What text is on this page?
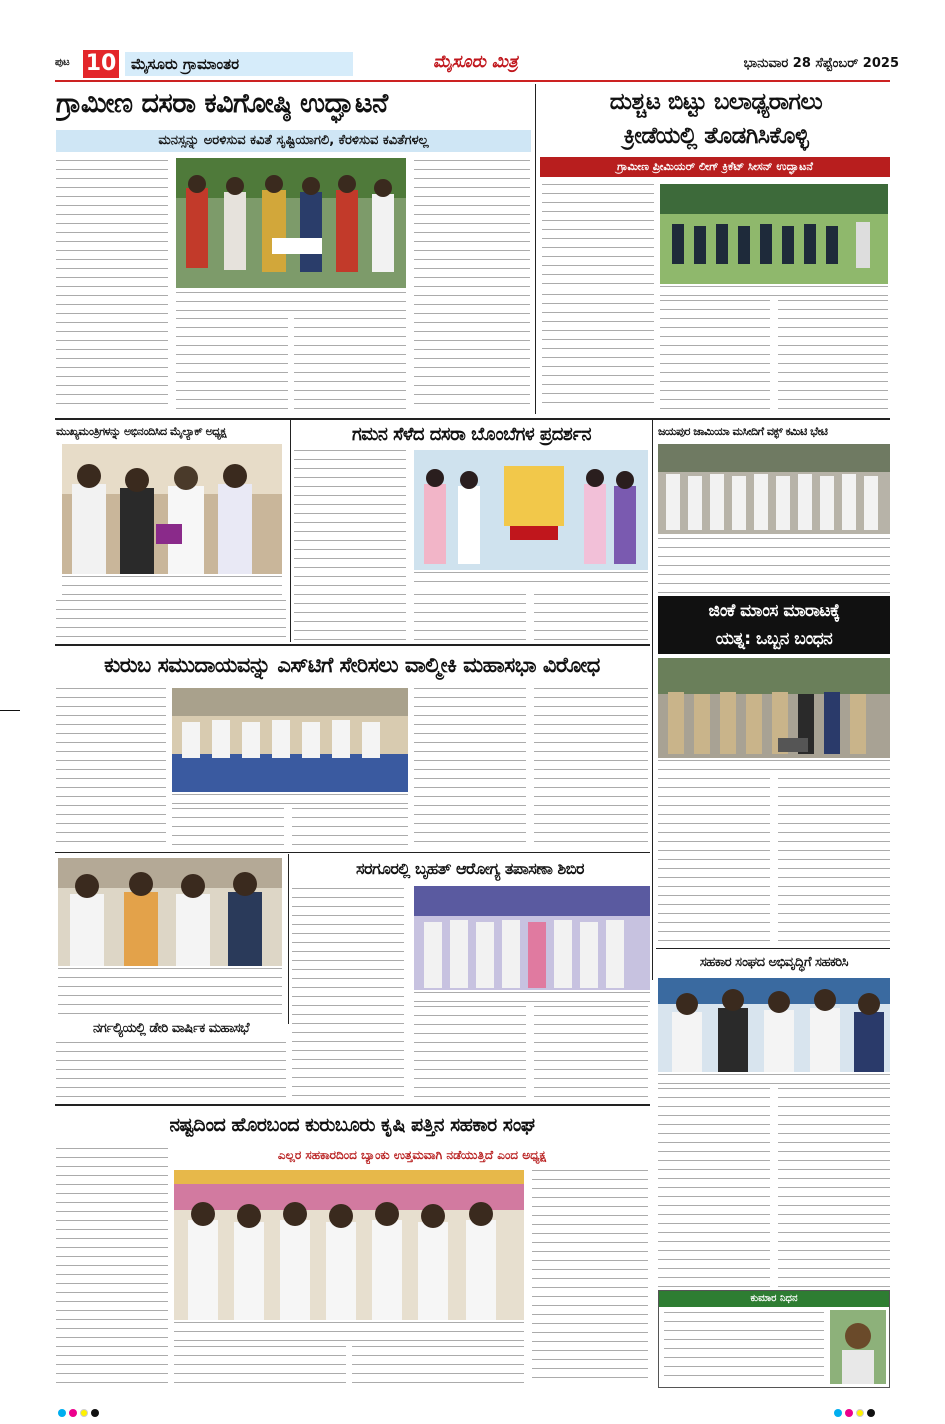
ಪುಟ 10 ಮೈಸೂರು ಗ್ರಾಮಾಂತರ	ಮೈಸೂರು ಮಿತ್ರ	ಭಾನುವಾರ 28 ಸೆಪ್ಟೆಂಬರ್ 2025
ಗ್ರಾಮೀಣ ದಸರಾ ಕವಿಗೋಷ್ಠಿ ಉದ್ಘಾಟನೆ
ಮನಸ್ಸನ್ನು ಅರಳಿಸುವ ಕವಿತೆ ಸೃಷ್ಟಿಯಾಗಲಿ, ಕೆರಳಿಸುವ ಕವಿತೆಗಳಲ್ಲ
ದುಶ್ಚಟ ಬಿಟ್ಟು ಬಲಾಢ್ಯರಾಗಲು
ಕ್ರೀಡೆಯಲ್ಲಿ ತೊಡಗಿಸಿಕೊಳ್ಳಿ
ಗ್ರಾಮೀಣ ಪ್ರೀಮಿಯರ್ ಲೀಗ್ ಕ್ರಿಕೆಟ್ ಸೀಸನ್ ಉದ್ಘಾಟನೆ
ಮುಖ್ಯಮಂತ್ರಿಗಳನ್ನು ಅಭಿನಂದಿಸಿದ ಮೈಲ್ಯಾಕ್ ಅಧ್ಯಕ್ಷ	ಗಮನ ಸೆಳೆದ ದಸರಾ ಬೊಂಬೆಗಳ ಪ್ರದರ್ಶನ	ಜಯಪುರ ಜಾಮಿಯಾ ಮಸೀದಿಗೆ ವಕ್ಫ್ ಕಮಿಟಿ ಭೇಟಿ
ಜಿಂಕೆ ಮಾಂಸ ಮಾರಾಟಕ್ಕೆ
ಯತ್ನ: ಒಬ್ಬನ ಬಂಧನ
ಕುರುಬ ಸಮುದಾಯವನ್ನು ಎಸ್‌ಟಿಗೆ ಸೇರಿಸಲು ವಾಲ್ಮೀಕಿ ಮಹಾಸಭಾ ವಿರೋಧ
ಸರಗೂರಲ್ಲಿ ಬೃಹತ್ ಆರೋಗ್ಯ ತಪಾಸಣಾ ಶಿಬಿರ
ನರ್ಗಲ್ಯಿಯಲ್ಲಿ ಡೇರಿ ವಾರ್ಷಿಕ ಮಹಾಸಭೆ
ಸಹಕಾರ ಸಂಘದ ಅಭಿವೃದ್ಧಿಗೆ ಸಹಕರಿಸಿ
ನಷ್ಟದಿಂದ ಹೊರಬಂದ ಕುರುಬೂರು ಕೃಷಿ ಪತ್ತಿನ ಸಹಕಾರ ಸಂಘ
ಎಲ್ಲರ ಸಹಕಾರದಿಂದ ಬ್ಯಾಂಕು ಉತ್ತಮವಾಗಿ ನಡೆಯುತ್ತಿದೆ ಎಂದ ಅಧ್ಯಕ್ಷ
ಕುಮಾರ ನಿಧನ
